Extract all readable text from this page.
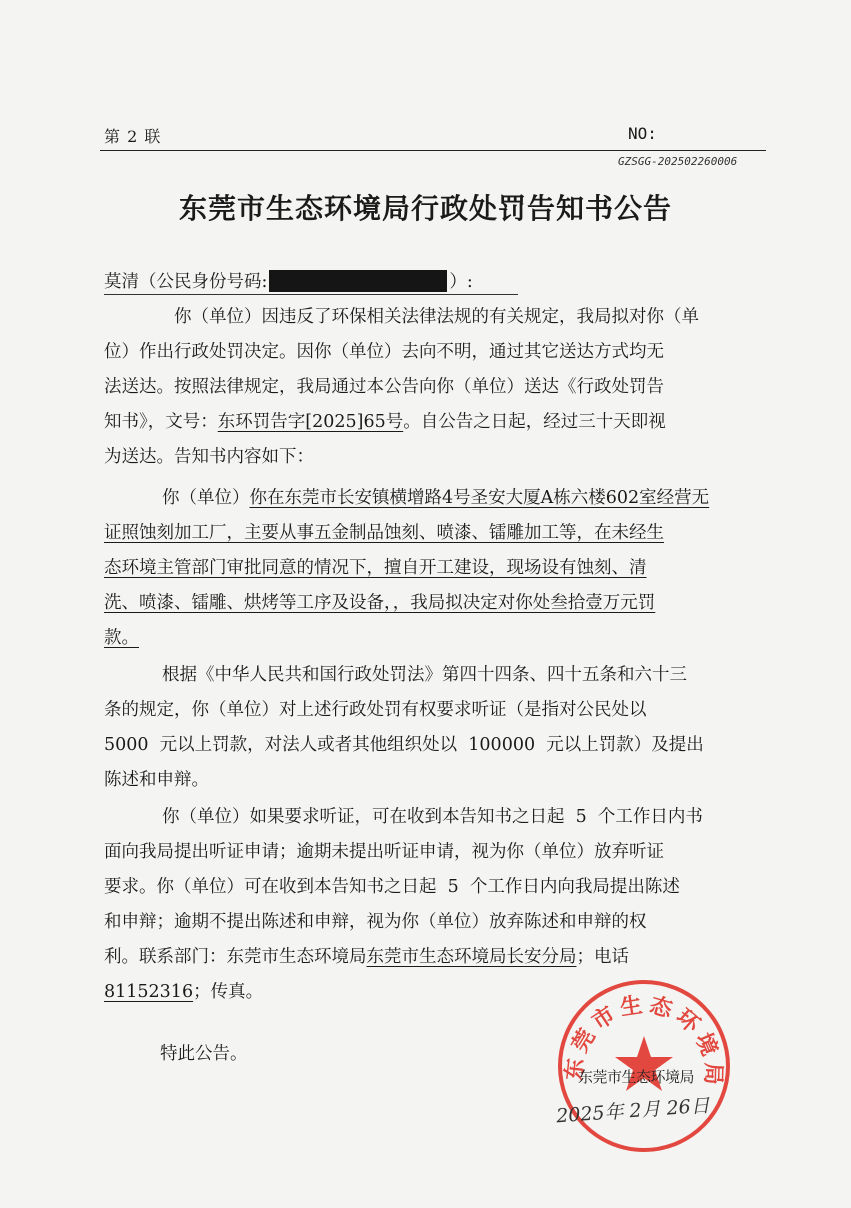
第 2 联	NO:
GZSGG-202502260006
东莞市生态环境局行政处罚告知书公告
莫清（公民身份号码:	）:
你（单位）因违反了环保相关法律法规的有关规定，我局拟对你（单
位）作出行政处罚决定。因你（单位）去向不明，通过其它送达方式均无
法送达。按照法律规定，我局通过本公告向你（单位）送达《行政处罚告
知书》，文号：东环罚告字[2025]65号。自公告之日起，经过三十天即视
为送达。告知书内容如下：
你（单位）你在东莞市长安镇横增路4号圣安大厦A栋六楼602室经营无
证照蚀刻加工厂，主要从事五金制品蚀刻、喷漆、镭雕加工等，在未经生
态环境主管部门审批同意的情况下，擅自开工建设，现场设有蚀刻、清
洗、喷漆、镭雕、烘烤等工序及设备，，我局拟决定对你处叁拾壹万元罚
款。
根据《中华人民共和国行政处罚法》第四十四条、四十五条和六十三
条的规定，你（单位）对上述行政处罚有权要求听证（是指对公民处以
5000  元以上罚款，对法人或者其他组织处以  100000  元以上罚款）及提出
陈述和申辩。
你（单位）如果要求听证，可在收到本告知书之日起  5  个工作日内书
面向我局提出听证申请；逾期未提出听证申请，视为你（单位）放弃听证
要求。你（单位）可在收到本告知书之日起  5  个工作日内向我局提出陈述
和申辩；逾期不提出陈述和申辩，视为你（单位）放弃陈述和申辩的权
利。联系部门：东莞市生态环境局东莞市生态环境局长安分局；电话
81152316；传真。
特此公告。	东莞市生态环境局
东莞市生态环境局
2025年 2月 26日
